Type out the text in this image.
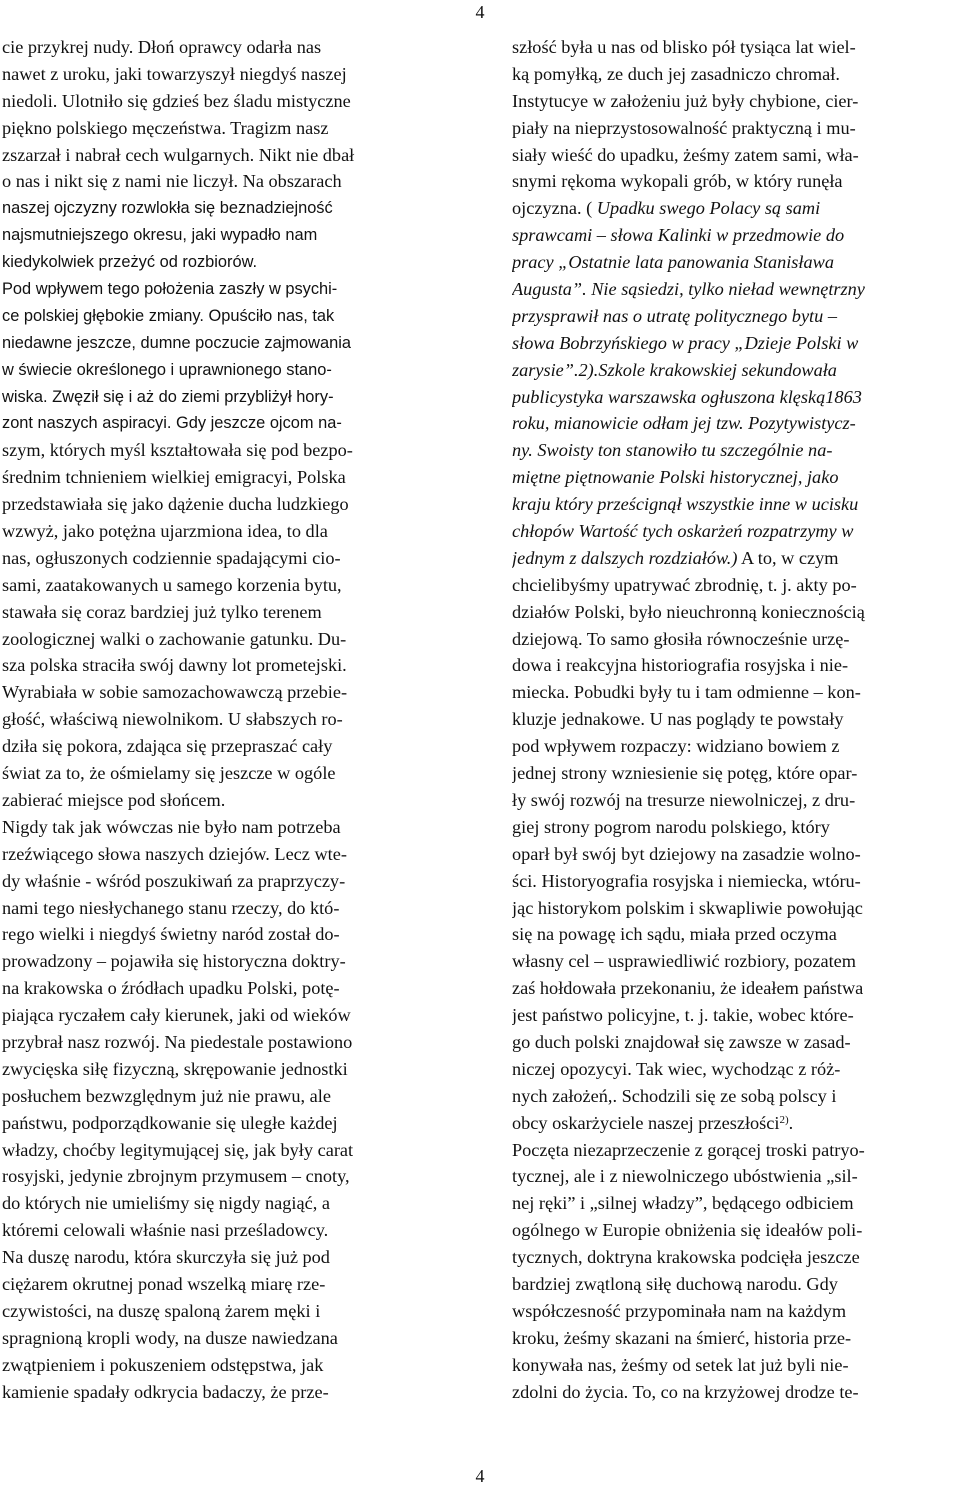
4
cie przykrej nudy. Dłoń oprawcy odarła nas
nawet z uroku, jaki towarzyszył niegdyś naszej
niedoli. Ulotniło się gdzieś bez śladu mistyczne
piękno polskiego męczeństwa. Tragizm nasz
zszarzał i nabrał cech wulgarnych. Nikt nie dbał
o nas i nikt się z nami nie liczył. Na obszarach
naszej ojczyzny rozwlokła się beznadziejność
najsmutniejszego okresu, jaki wypadło nam
kiedykolwiek przeżyć od rozbiorów.
Pod wpływem tego położenia zaszły w psychi-
ce polskiej głębokie zmiany. Opuściło nas, tak
niedawne jeszcze, dumne poczucie zajmowania
w świecie określonego i uprawnionego stano-
wiska. Zwęził się i aż do ziemi przybliżył hory-
zont naszych aspiracyi. Gdy jeszcze ojcom na-
szym, których myśl kształtowała się pod bezpo-
średnim tchnieniem wielkiej emigracyi, Polska
przedstawiała się jako dążenie ducha ludzkiego
wzwyż, jako potężna ujarzmiona idea, to dla
nas, ogłuszonych codziennie spadającymi cio-
sami, zaatakowanych u samego korzenia bytu,
stawała się coraz bardziej już tylko terenem
zoologicznej walki o zachowanie gatunku. Du-
sza polska straciła swój dawny lot prometejski.
Wyrabiała w sobie samozachowawczą przebie-
głość, właściwą niewolnikom. U słabszych ro-
dziła się pokora, zdająca się przepraszać cały
świat za to, że ośmielamy się jeszcze w ogóle
zabierać miejsce pod słońcem.
Nigdy tak jak wówczas nie było nam potrzeba
rzeźwiącego słowa naszych dziejów. Lecz wte-
dy właśnie - wśród poszukiwań za praprzyczy-
nami tego niesłychanego stanu rzeczy, do któ-
rego wielki i niegdyś świetny naród został do-
prowadzony – pojawiła się historyczna doktry-
na krakowska o źródłach upadku Polski, potę-
piająca ryczałem cały kierunek, jaki od wieków
przybrał nasz rozwój. Na piedestale postawiono
zwycięska siłę fizyczną, skrępowanie jednostki
posłuchem bezwzględnym już nie prawu, ale
państwu, podporządkowanie się uległe każdej
władzy, choćby legitymującej się, jak były carat
rosyjski, jedynie zbrojnym przymusem – cnoty,
do których nie umieliśmy się nigdy nagiąć, a
któremi celowali właśnie nasi prześladowcy.
Na duszę narodu, która skurczyła się już pod
ciężarem okrutnej ponad wszelką miarę rze-
czywistości, na duszę spaloną żarem męki i
spragnioną kropli wody, na dusze nawiedzana
zwątpieniem i pokuszeniem odstępstwa, jak
kamienie spadały odkrycia badaczy, że prze-
szłość była u nas od blisko pół tysiąca lat wiel-
ką pomyłką, ze duch jej zasadniczo chromał.
Instytucye w założeniu już były chybione, cier-
piały na nieprzystosowalność praktyczną i mu-
siały wieść do upadku, żeśmy zatem sami, wła-
snymi rękoma wykopali grób, w który runęła
ojczyzna. ( Upadku swego Polacy są sami
sprawcami – słowa Kalinki w przedmowie do
pracy „Ostatnie lata panowania Stanisława
Augusta”. Nie sąsiedzi, tylko nieład wewnętrzny
przysprawił nas o utratę politycznego bytu –
słowa Bobrzyńskiego w pracy „Dzieje Polski w
zarysie”.2).Szkole krakowskiej sekundowała
publicystyka warszawska ogłuszona klęską1863
roku, mianowicie odłam jej tzw. Pozytywistycz-
ny. Swoisty ton stanowiło tu szczególnie na-
miętne piętnowanie Polski historycznej, jako
kraju który prześcignął wszystkie inne w ucisku
chłopów Wartość tych oskarżeń rozpatrzymy w
jednym z dalszych rozdziałów.) A to, w czym
chcielibyśmy upatrywać zbrodnię, t. j. akty po-
działów Polski, było nieuchronną koniecznością
dziejową. To samo głosiła równocześnie urzę-
dowa i reakcyjna historiografia rosyjska i nie-
miecka. Pobudki były tu i tam odmienne – kon-
kluzje jednakowe. U nas poglądy te powstały
pod wpływem rozpaczy: widziano bowiem z
jednej strony wzniesienie się potęg, które opar-
ły swój rozwój na tresurze niewolniczej, z dru-
giej strony pogrom narodu polskiego, który
oparł był swój byt dziejowy na zasadzie wolno-
ści. Historyografia rosyjska i niemiecka, wtóru-
jąc historykom polskim i skwapliwie powołując
się na powagę ich sądu, miała przed oczyma
własny cel – usprawiedliwić rozbiory, pozatem
zaś hołdowała przekonaniu, że ideałem państwa
jest państwo policyjne, t. j. takie, wobec które-
go duch polski znajdował się zawsze w zasad-
niczej opozycyi. Tak wiec, wychodząc z róż-
nych założeń,. Schodzili się ze sobą polscy i
obcy oskarżyciele naszej przeszłości$^{2)}$.
Poczęta niezaprzeczenie z gorącej troski patryo-
tycznej, ale i z niewolniczego ubóstwienia „sil-
nej ręki” i „silnej władzy”, będącego odbiciem
ogólnego w Europie obniżenia się ideałów poli-
tycznych, doktryna krakowska podcięła jeszcze
bardziej zwątloną siłę duchową narodu. Gdy
współczesność przypominała nam na każdym
kroku, żeśmy skazani na śmierć, historia prze-
konywała nas, żeśmy od setek lat już byli nie-
zdolni do życia. To, co na krzyżowej drodze te-
4
